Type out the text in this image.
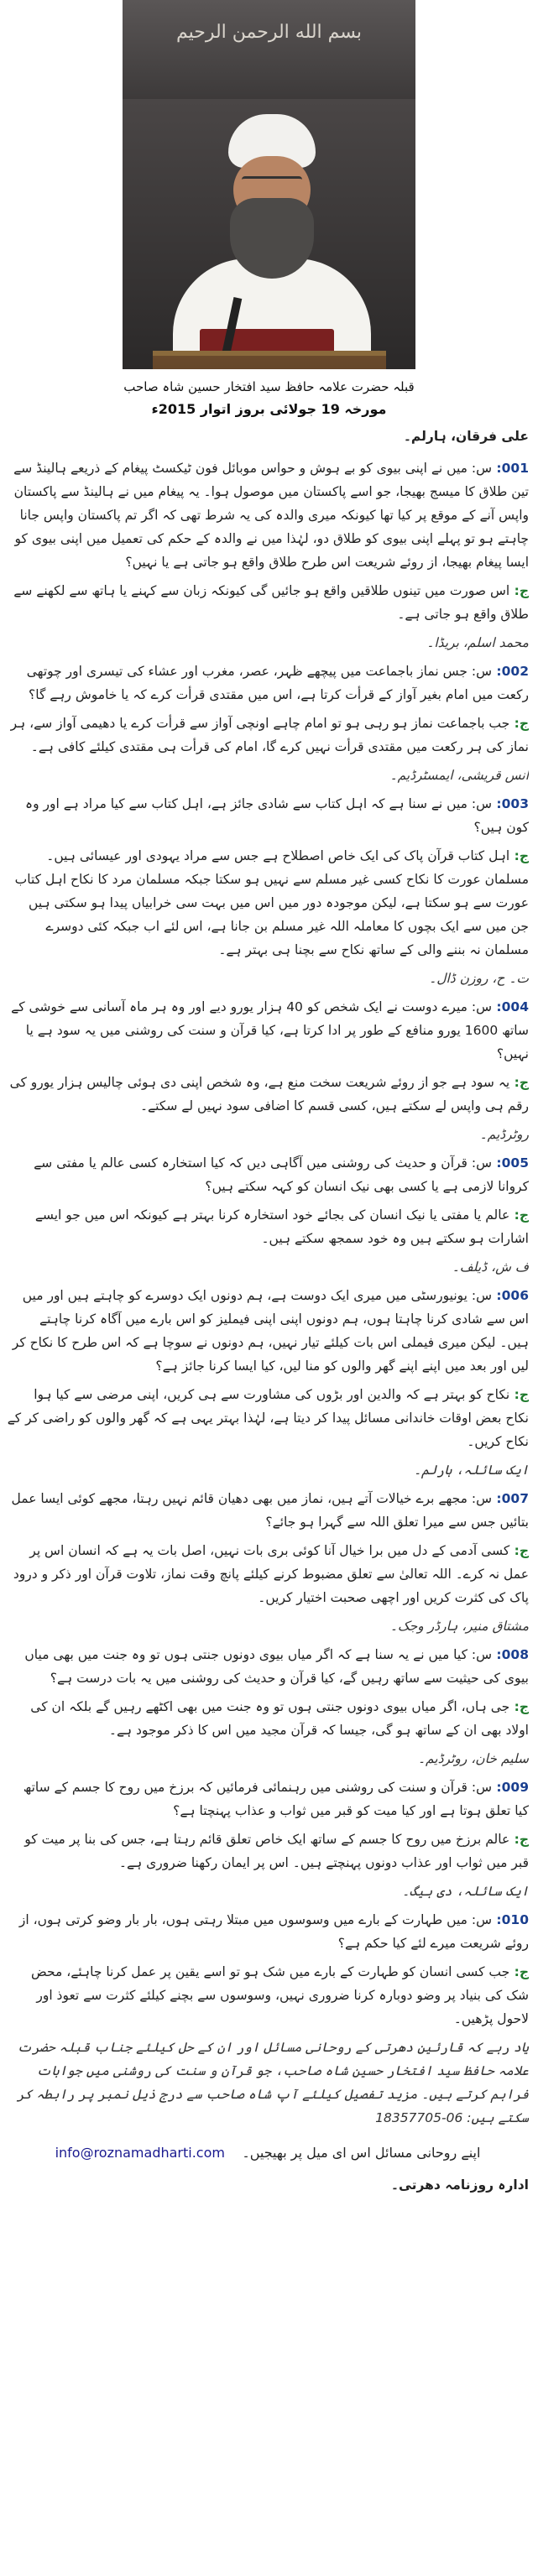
بسم الله الرحمن الرحیم
قبلہ حضرت علامہ حافظ سید افتخار حسین شاہ صاحب
مورخہ 19 جولائی بروز اتوار 2015ء

علی فرقان، ہارلم۔

001: س: میں نے اپنی بیوی کو بے ہوش و حواس موبائل فون ٹیکسٹ پیغام کے ذریعے ہالینڈ سے تین طلاق کا میسج بھیجا، جو اسے پاکستان میں موصول ہوا۔ یہ پیغام میں نے ہالینڈ سے پاکستان واپس آنے کے موقع پر کیا تھا کیونکہ میری والدہ کی یہ شرط تھی کہ اگر تم پاکستان واپس جانا چاہتے ہو تو پہلے اپنی بیوی کو طلاق دو، لہٰذا میں نے والدہ کے حکم کی تعمیل میں اپنی بیوی کو ایسا پیغام بھیجا، از روئے شریعت اس طرح طلاق واقع ہو جاتی ہے یا نہیں؟

ج: اس صورت میں تینوں طلاقیں واقع ہو جائیں گی کیونکہ زبان سے کہنے یا ہاتھ سے لکھنے سے طلاق واقع ہو جاتی ہے۔

محمد اسلم، بریڈا۔

002: س: جس نماز باجماعت میں پیچھے ظہر، عصر، مغرب اور عشاء کی تیسری اور چوتھی رکعت میں امام بغیر آواز کے قرأت کرتا ہے، اس میں مقتدی قرأت کرے کہ یا خاموش رہے گا؟

ج: جب باجماعت نماز ہو رہی ہو تو امام چاہے اونچی آواز سے قرأت کرے یا دھیمی آواز سے، ہر نماز کی ہر رکعت میں مقتدی قرأت نہیں کرے گا، امام کی قرأت ہی مقتدی کیلئے کافی ہے۔

انس قریشی، ایمسٹرڈیم۔

003: س: میں نے سنا ہے کہ اہل کتاب سے شادی جائز ہے، اہل کتاب سے کیا مراد ہے اور وہ کون ہیں؟

ج: اہل کتاب قرآن پاک کی ایک خاص اصطلاح ہے جس سے مراد یہودی اور عیسائی ہیں۔ مسلمان عورت کا نکاح کسی غیر مسلم سے نہیں ہو سکتا جبکہ مسلمان مرد کا نکاح اہل کتاب عورت سے ہو سکتا ہے، لیکن موجودہ دور میں اس میں بہت سی خرابیاں پیدا ہو سکتی ہیں جن میں سے ایک بچوں کا معاملہ اللہ غیر مسلم بن جانا ہے، اس لئے اب جبکہ کئی دوسرے مسلمان نہ بننے والی کے ساتھ نکاح سے بچنا ہی بہتر ہے۔

ت۔ ح، روزن ڈال۔

004: س: میرے دوست نے ایک شخص کو 40 ہزار یورو دیے اور وہ ہر ماہ آسانی سے خوشی کے ساتھ 1600 یورو منافع کے طور پر ادا کرتا ہے، کیا قرآن و سنت کی روشنی میں یہ سود ہے یا نہیں؟

ج: یہ سود ہے جو از روئے شریعت سخت منع ہے، وہ شخص اپنی دی ہوئی چالیس ہزار یورو کی رقم ہی واپس لے سکتے ہیں، کسی قسم کا اضافی سود نہیں لے سکتے۔

روٹرڈیم۔

005: س: قرآن و حدیث کی روشنی میں آگاہی دیں کہ کیا استخارہ کسی عالم یا مفتی سے کروانا لازمی ہے یا کسی بھی نیک انسان کو کہہ سکتے ہیں؟

ج: عالم یا مفتی یا نیک انسان کی بجائے خود استخارہ کرنا بہتر ہے کیونکہ اس میں جو ایسے اشارات ہو سکتے ہیں وہ خود سمجھ سکتے ہیں۔

ف ش، ڈیلف۔

006: س: یونیورسٹی میں میری ایک دوست ہے، ہم دونوں ایک دوسرے کو چاہتے ہیں اور میں اس سے شادی کرنا چاہتا ہوں، ہم دونوں اپنی اپنی فیملیز کو اس بارے میں آگاہ کرنا چاہتے ہیں۔ لیکن میری فیملی اس بات کیلئے تیار نہیں، ہم دونوں نے سوچا ہے کہ اس طرح کا نکاح کر لیں اور بعد میں اپنے اپنے گھر والوں کو منا لیں، کیا ایسا کرنا جائز ہے؟

ج: نکاح کو بہتر ہے کہ والدین اور بڑوں کی مشاورت سے ہی کریں، اپنی مرضی سے کیا ہوا نکاح بعض اوقات خاندانی مسائل پیدا کر دیتا ہے، لہٰذا بہتر یہی ہے کہ گھر والوں کو راضی کر کے نکاح کریں۔

ایک سائلہ، ہارلم۔

007: س: مجھے برے خیالات آتے ہیں، نماز میں بھی دھیان قائم نہیں رہتا، مجھے کوئی ایسا عمل بتائیں جس سے میرا تعلق اللہ سے گہرا ہو جائے؟

ج: کسی آدمی کے دل میں برا خیال آنا کوئی بری بات نہیں، اصل بات یہ ہے کہ انسان اس پر عمل نہ کرے۔ اللہ تعالیٰ سے تعلق مضبوط کرنے کیلئے پانچ وقت نماز، تلاوت قرآن اور ذکر و درود پاک کی کثرت کریں اور اچھی صحبت اختیار کریں۔

مشتاق منیر، ہارڈر وجک۔

008: س: کیا میں نے یہ سنا ہے کہ اگر میاں بیوی دونوں جنتی ہوں تو وہ جنت میں بھی میاں بیوی کی حیثیت سے ساتھ رہیں گے، کیا قرآن و حدیث کی روشنی میں یہ بات درست ہے؟

ج: جی ہاں، اگر میاں بیوی دونوں جنتی ہوں تو وہ جنت میں بھی اکٹھے رہیں گے بلکہ ان کی اولاد بھی ان کے ساتھ ہو گی، جیسا کہ قرآن مجید میں اس کا ذکر موجود ہے۔

سلیم خان، روٹرڈیم۔

009: س: قرآن و سنت کی روشنی میں رہنمائی فرمائیں کہ برزخ میں روح کا جسم کے ساتھ کیا تعلق ہوتا ہے اور کیا میت کو قبر میں ثواب و عذاب پہنچتا ہے؟

ج: عالم برزخ میں روح کا جسم کے ساتھ ایک خاص تعلق قائم رہتا ہے، جس کی بنا پر میت کو قبر میں ثواب اور عذاب دونوں پہنچتے ہیں۔ اس پر ایمان رکھنا ضروری ہے۔

ایک سائلہ، دی ہیگ۔

010: س: میں طہارت کے بارے میں وسوسوں میں مبتلا رہتی ہوں، بار بار وضو کرتی ہوں، از روئے شریعت میرے لئے کیا حکم ہے؟

ج: جب کسی انسان کو طہارت کے بارے میں شک ہو تو اسے یقین پر عمل کرنا چاہئے، محض شک کی بنیاد پر وضو دوبارہ کرنا ضروری نہیں، وسوسوں سے بچنے کیلئے کثرت سے تعوذ اور لاحول پڑھیں۔

یاد رہے کہ قارئین دھرتی کے روحانی مسائل اور ان کے حل کیلئے جناب قبلہ حضرت علامہ حافظ سید افتخار حسین شاہ صاحب، جو قرآن و سنت کی روشنی میں جوابات فراہم کرتے ہیں۔ مزید تفصیل کیلئے آپ شاہ صاحب سے درج ذیل نمبر پر رابطہ کر سکتے ہیں: 06-18357705

info@roznamadharti.com اپنے روحانی مسائل اس ای میل پر بھیجیں۔

ادارہ روزنامہ دھرتی۔
